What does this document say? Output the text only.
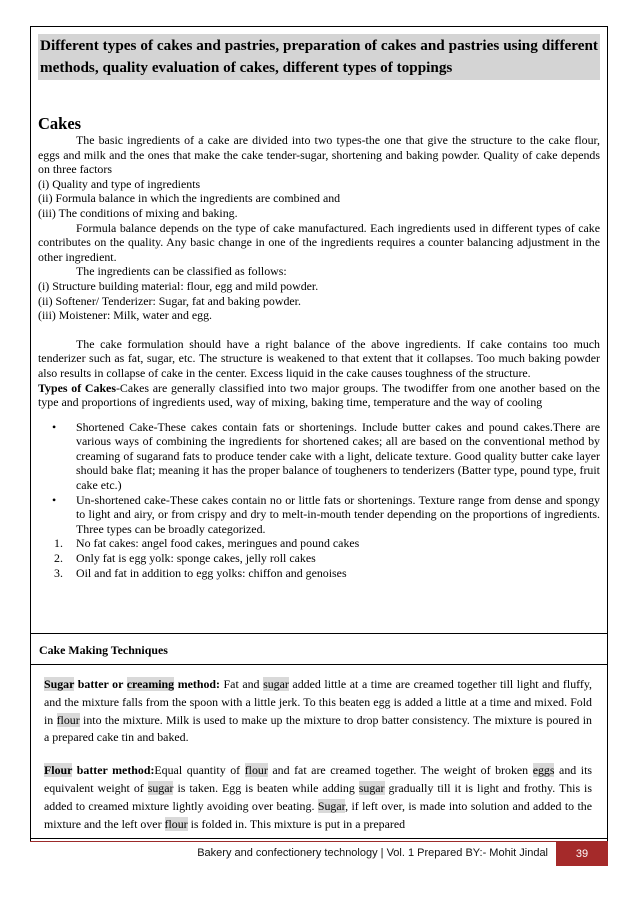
Different types of cakes and pastries, preparation of cakes and pastries using different methods, quality evaluation of cakes, different types of toppings
Cakes

The basic ingredients of a cake are divided into two types-the one that give the structure to the cake flour, eggs and milk and the ones that make the cake tender-sugar, shortening and baking powder. Quality of cake depends on three factors

(i) Quality and type of ingredients

(ii) Formula balance in which the ingredients are combined and

(iii) The conditions of mixing and baking.

Formula balance depends on the type of cake manufactured. Each ingredients used in different types of cake contributes on the quality. Any basic change in one of the ingredients requires a counter balancing adjustment in the other ingredient.

The ingredients can be classified as follows:

(i) Structure building material: flour, egg and mild powder.

(ii) Softener/ Tenderizer: Sugar, fat and baking powder.

(iii) Moistener: Milk, water and egg.

The cake formulation should have a right balance of the above ingredients. If cake contains too much tenderizer such as fat, sugar, etc. The structure is weakened to that extent that it collapses. Too much baking powder also results in collapse of cake in the center. Excess liquid in the cake causes toughness of the structure.

Types of Cakes-Cakes are generally classified into two major groups. The twodiffer from one another based on the type and proportions of ingredients used, way of mixing, baking time, temperature and the way of cooling

• Shortened Cake-These cakes contain fats or shortenings. Include butter cakes and pound cakes.There are various ways of combining the ingredients for shortened cakes; all are based on the conventional method by creaming of sugarand fats to produce tender cake with a light, delicate texture. Good quality butter cake layer should bake flat; meaning it has the proper balance of tougheners to tenderizers (Batter type, pound type, fruit cake etc.)
• Un-shortened cake-These cakes contain no or little fats or shortenings. Texture range from dense and spongy to light and airy, or from crispy and dry to melt-in-mouth tender depending on the proportions of ingredients. Three types can be broadly categorized.
1. No fat cakes: angel food cakes, meringues and pound cakes
2. Only fat is egg yolk: sponge cakes, jelly roll cakes
3. Oil and fat in addition to egg yolks: chiffon and genoises
Cake Making Techniques

Sugar batter or creaming method: Fat and sugar added little at a time are creamed together till light and fluffy, and the mixture falls from the spoon with a little jerk. To this beaten egg is added a little at a time and mixed. Fold in flour into the mixture. Milk is used to make up the mixture to drop batter consistency. The mixture is poured in a prepared cake tin and baked.

Flour batter method:Equal quantity of flour and fat are creamed together. The weight of broken eggs and its equivalent weight of sugar is taken. Egg is beaten while adding sugar gradually till it is light and frothy. This is added to creamed mixture lightly avoiding over beating. Sugar, if left over, is made into solution and added to the mixture and the left over flour is folded in. This mixture is put in a prepared

Bakery and confectionery technology | Vol. 1 Prepared BY:- Mohit Jindal	39
